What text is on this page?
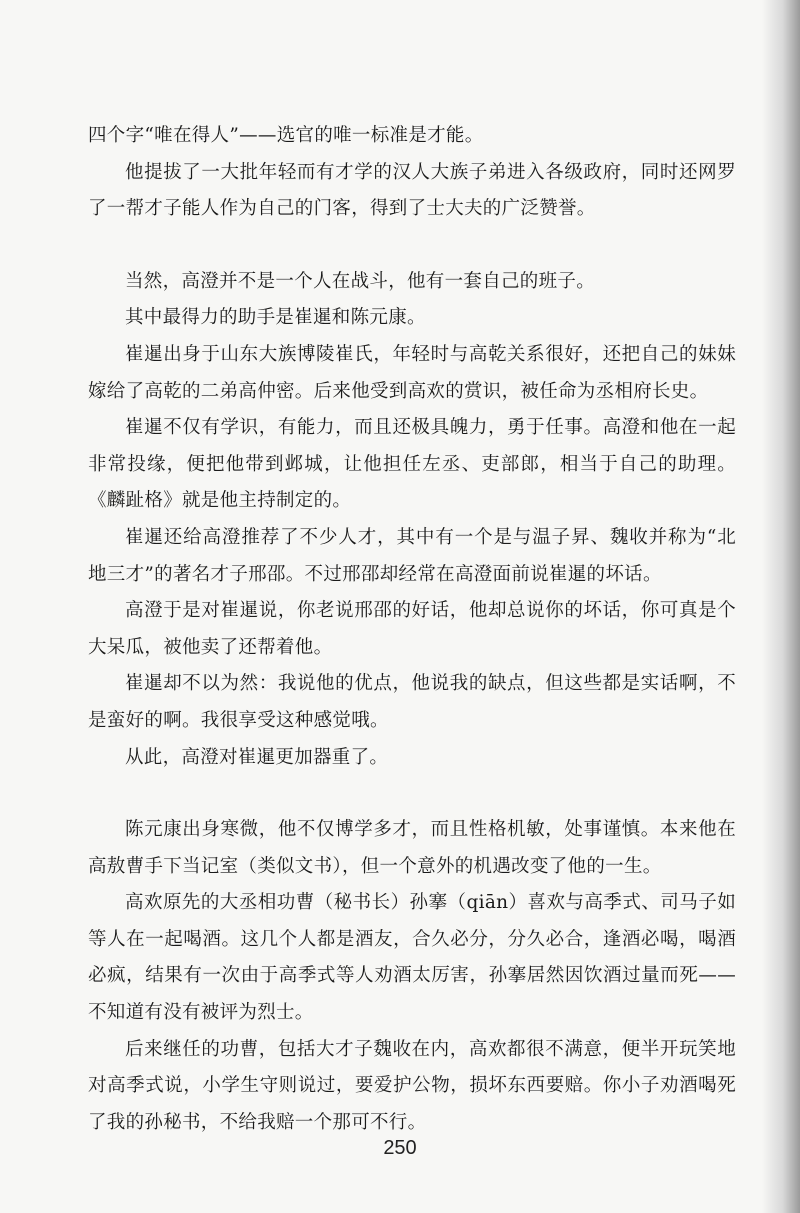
四个字“唯在得人”——选官的唯一标准是才能。

他提拔了一大批年轻而有才学的汉人大族子弟进入各级政府，同时还网罗了一帮才子能人作为自己的门客，得到了士大夫的广泛赞誉。

当然，高澄并不是一个人在战斗，他有一套自己的班子。

其中最得力的助手是崔暹和陈元康。

崔暹出身于山东大族博陵崔氏，年轻时与高乾关系很好，还把自己的妹妹嫁给了高乾的二弟高仲密。后来他受到高欢的赏识，被任命为丞相府长史。

崔暹不仅有学识，有能力，而且还极具魄力，勇于任事。高澄和他在一起非常投缘，便把他带到邺城，让他担任左丞、吏部郎，相当于自己的助理。《麟趾格》就是他主持制定的。

崔暹还给高澄推荐了不少人才，其中有一个是与温子昇、魏收并称为“北地三才”的著名才子邢邵。不过邢邵却经常在高澄面前说崔暹的坏话。

高澄于是对崔暹说，你老说邢邵的好话，他却总说你的坏话，你可真是个大呆瓜，被他卖了还帮着他。

崔暹却不以为然：我说他的优点，他说我的缺点，但这些都是实话啊，不是蛮好的啊。我很享受这种感觉哦。

从此，高澄对崔暹更加器重了。

陈元康出身寒微，他不仅博学多才，而且性格机敏，处事谨慎。本来他在高敖曹手下当记室（类似文书），但一个意外的机遇改变了他的一生。

高欢原先的大丞相功曹（秘书长）孙搴（qiān）喜欢与高季式、司马子如等人在一起喝酒。这几个人都是酒友，合久必分，分久必合，逢酒必喝，喝酒必疯，结果有一次由于高季式等人劝酒太厉害，孙搴居然因饮酒过量而死——不知道有没有被评为烈士。

后来继任的功曹，包括大才子魏收在内，高欢都很不满意，便半开玩笑地对高季式说，小学生守则说过，要爱护公物，损坏东西要赔。你小子劝酒喝死了我的孙秘书，不给我赔一个那可不行。

250
